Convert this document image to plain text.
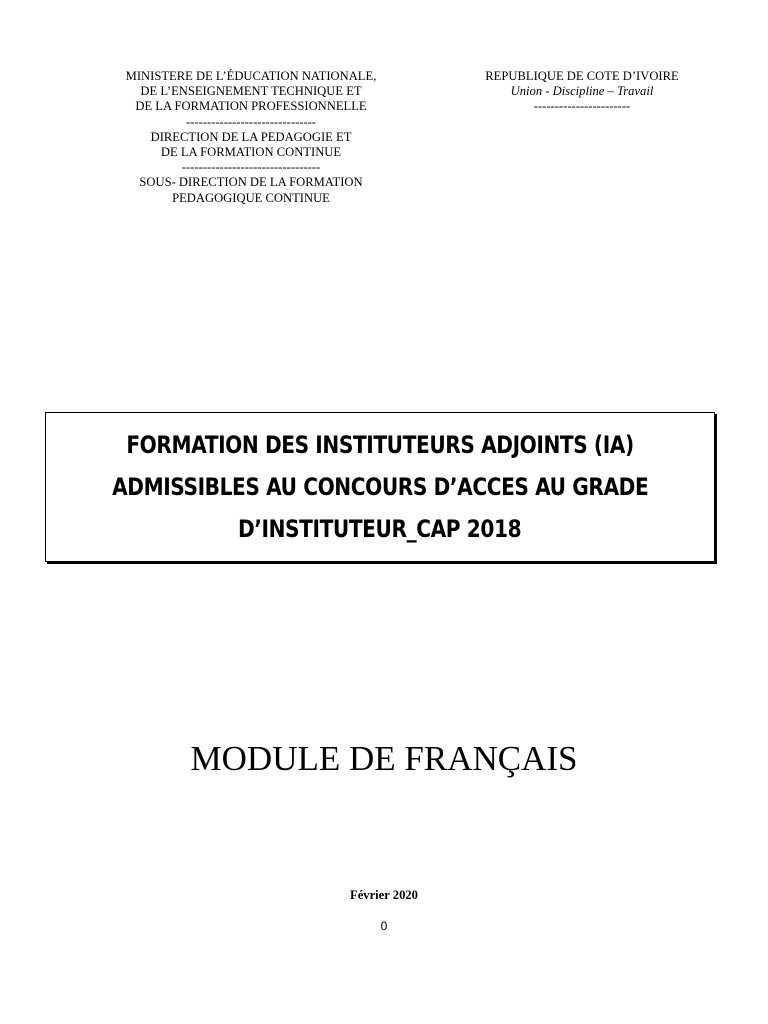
MINISTERE DE L’ÉDUCATION NATIONALE,
DE L’ENSEIGNEMENT TECHNIQUE ET
DE LA FORMATION PROFESSIONNELLE
-------------------------------
DIRECTION DE LA PEDAGOGIE ET
DE LA FORMATION CONTINUE
---------------------------------
SOUS- DIRECTION DE LA FORMATION
PEDAGOGIQUE CONTINUE
REPUBLIQUE DE COTE D’IVOIRE
Union - Discipline – Travail
-----------------------
FORMATION DES INSTITUTEURS ADJOINTS (IA)
ADMISSIBLES AU CONCOURS D’ACCES AU GRADE
D’INSTITUTEUR_CAP 2018
MODULE DE FRANÇAIS
Février 2020
0
